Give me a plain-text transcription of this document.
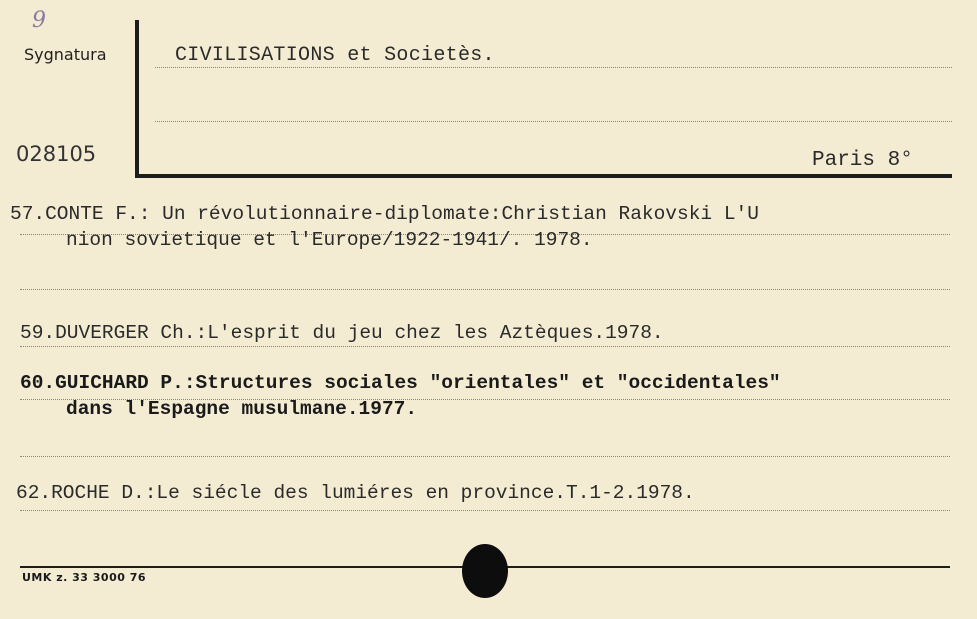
9
Sygnatura
028105
CIVILISATIONS et Societès.
Paris 8°
57.CONTE F.: Un révolutionnaire-diplomate:Christian Rakovski L'U
nion sovietique et l'Europe/1922-1941/. 1978.
59.DUVERGER Ch.:L'esprit du jeu chez les Aztèques.1978.
60.GUICHARD P.:Structures sociales "orientales" et "occidentales"
dans l'Espagne musulmane.1977.
62.ROCHE D.:Le siécle des lumiéres en province.T.1-2.1978.
UMK z. 33 3000 76
